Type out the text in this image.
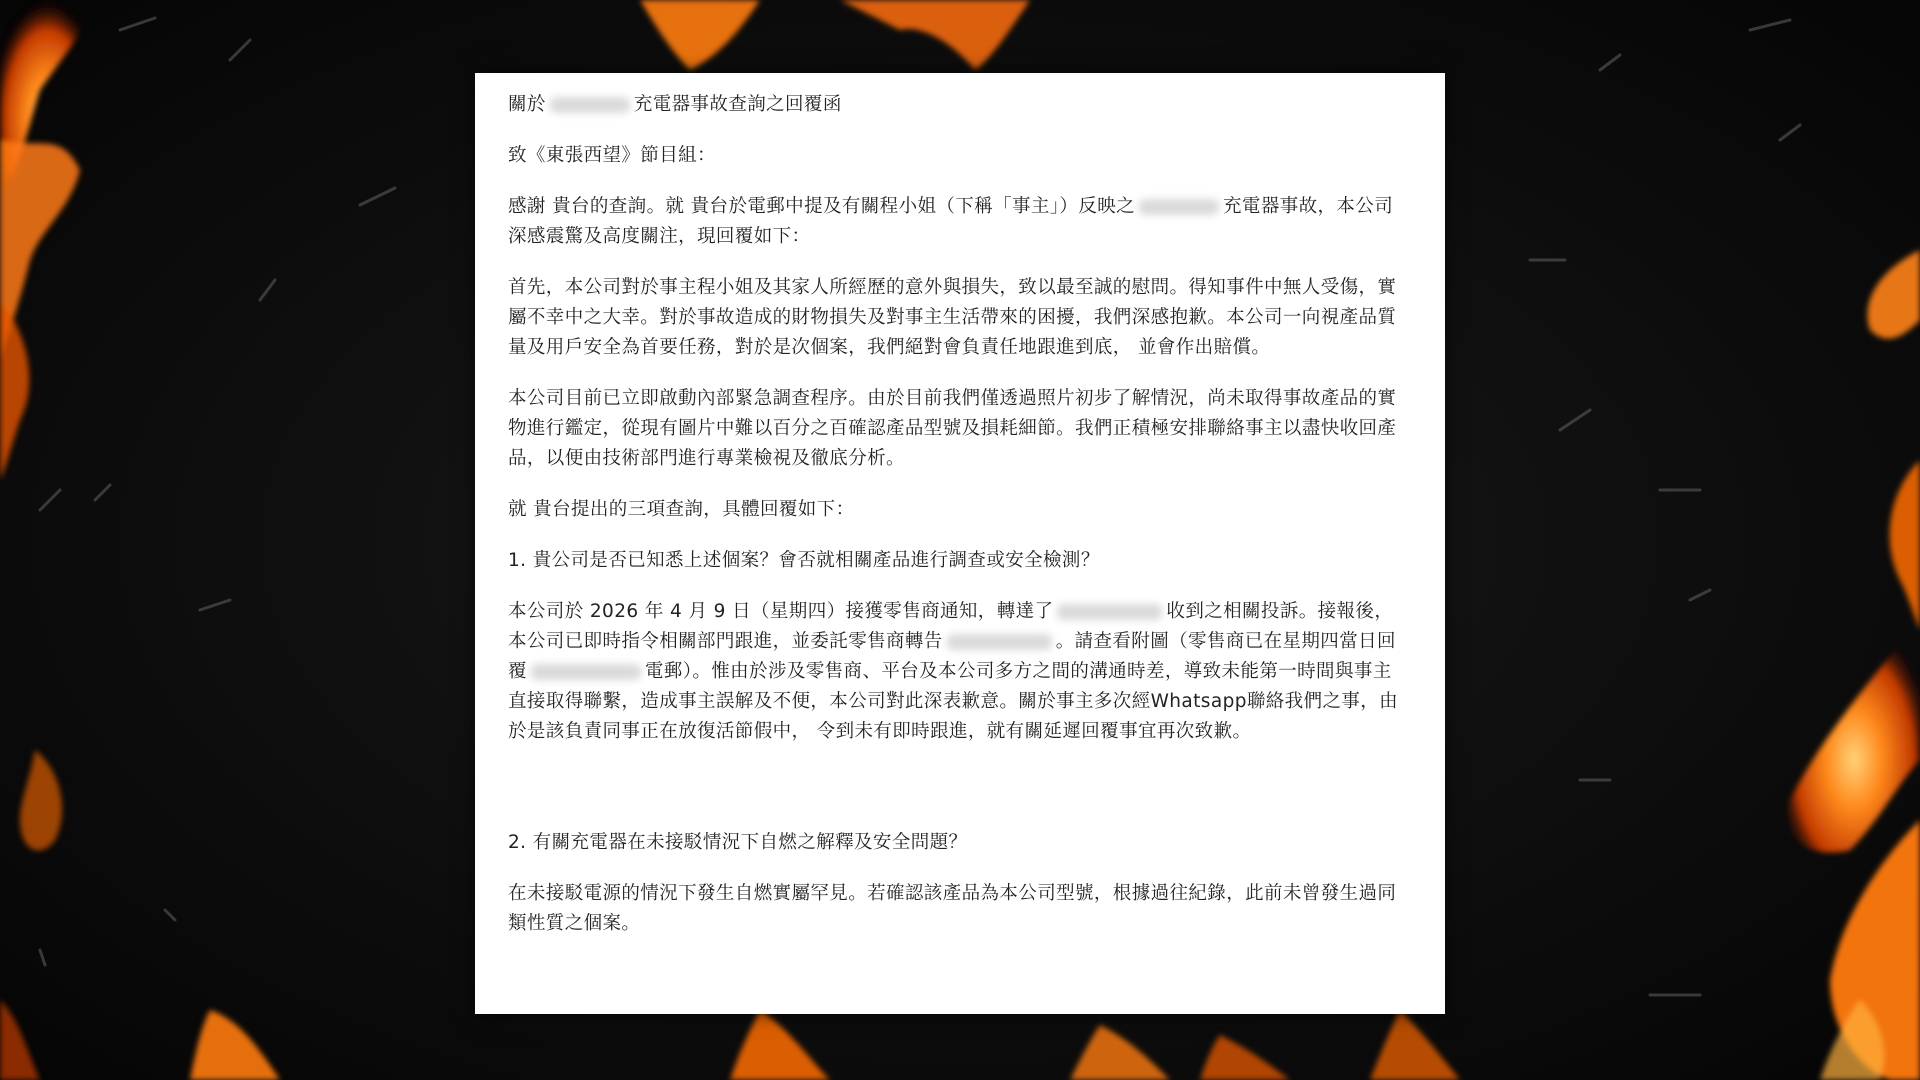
關於	充電器事故查詢之回覆函

致《東張西望》節目組：

感謝 貴台的查詢。就 貴台於電郵中提及有關程小姐（下稱「事主」）反映之	充電器事故，本公司深感震驚及高度關注，現回覆如下：

首先，本公司對於事主程小姐及其家人所經歷的意外與損失，致以最至誠的慰問。得知事件中無人受傷，實屬不幸中之大幸。對於事故造成的財物損失及對事主生活帶來的困擾，我們深感抱歉。本公司一向視產品質量及用戶安全為首要任務，對於是次個案，我們絕對會負責任地跟進到底， 並會作出賠償。

本公司目前已立即啟動內部緊急調查程序。由於目前我們僅透過照片初步了解情況，尚未取得事故產品的實物進行鑑定，從現有圖片中難以百分之百確認產品型號及損耗細節。我們正積極安排聯絡事主以盡快收回產品，以便由技術部門進行專業檢視及徹底分析。

就 貴台提出的三項查詢，具體回覆如下：

1. 貴公司是否已知悉上述個案？會否就相關產品進行調查或安全檢測？

本公司於 2026 年 4 月 9 日（星期四）接獲零售商通知，轉達了	收到之相關投訴。接報後，本公司已即時指令相關部門跟進，並委託零售商轉告	。請查看附圖（零售商已在星期四當日回覆	電郵）。惟由於涉及零售商、平台及本公司多方之間的溝通時差，導致未能第一時間與事主直接取得聯繫，造成事主誤解及不便，本公司對此深表歉意。關於事主多次經Whatsapp聯絡我們之事，由於是該負責同事正在放復活節假中， 令到未有即時跟進，就有關延遲回覆事宜再次致歉。

2. 有關充電器在未接駁情況下自燃之解釋及安全問題？

在未接駁電源的情況下發生自燃實屬罕見。若確認該產品為本公司型號，根據過往紀錄，此前未曾發生過同類性質之個案。
